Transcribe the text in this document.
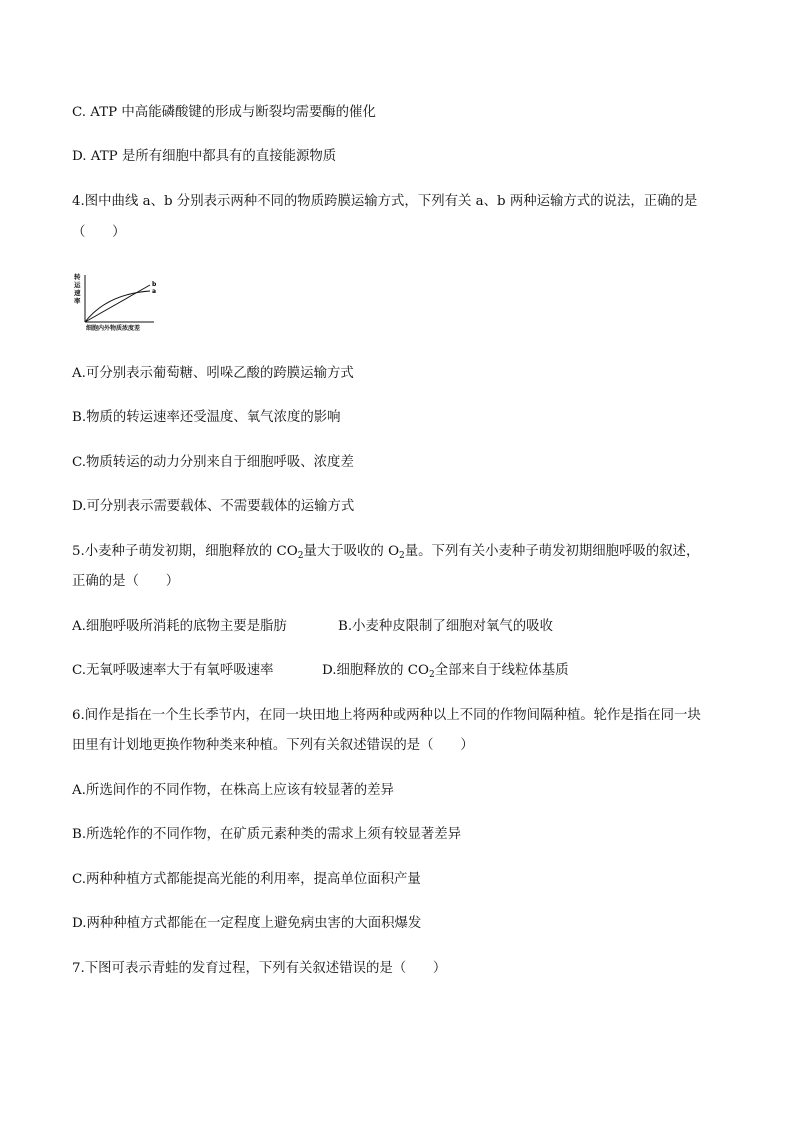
C. ATP 中高能磷酸键的形成与断裂均需要酶的催化
D. ATP 是所有细胞中都具有的直接能源物质
4.图中曲线 a、b 分别表示两种不同的物质跨膜运输方式，下列有关 a、b 两种运输方式的说法，正确的是
（　　）
转
运
速
率
细胞内外物质浓度差
b
a
A.可分别表示葡萄糖、吲哚乙酸的跨膜运输方式
B.物质的转运速率还受温度、氧气浓度的影响
C.物质转运的动力分别来自于细胞呼吸、浓度差
D.可分别表示需要载体、不需要载体的运输方式
5.小麦种子萌发初期，细胞释放的 $CO_2$量大于吸收的 $O_2$量。下列有关小麦种子萌发初期细胞呼吸的叙述，
正确的是（　　）
A.细胞呼吸所消耗的底物主要是脂肪	B.小麦种皮限制了细胞对氧气的吸收
C.无氧呼吸速率大于有氧呼吸速率	D.细胞释放的 $CO_2$全部来自于线粒体基质
6.间作是指在一个生长季节内，在同一块田地上将两种或两种以上不同的作物间隔种植。轮作是指在同一块
田里有计划地更换作物种类来种植。下列有关叙述错误的是（　　）
A.所选间作的不同作物，在株高上应该有较显著的差异
B.所选轮作的不同作物，在矿质元素种类的需求上须有较显著差异
C.两种种植方式都能提高光能的利用率，提高单位面积产量
D.两种种植方式都能在一定程度上避免病虫害的大面积爆发
7.下图可表示青蛙的发育过程，下列有关叙述错误的是（　　）
